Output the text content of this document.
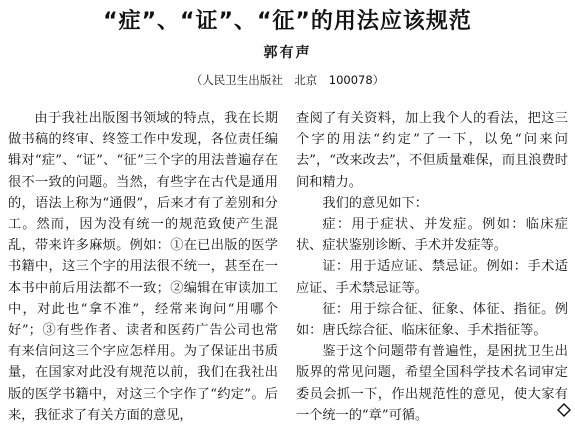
“症”、“证”、“征”的用法应该规范
郭有声
（人民卫生出版社　北京　100078）

由于我社出版图书领域的特点，我在长期做书稿的终审、终签工作中发现，各位责任编辑对“症”、“证”、“征”三个字的用法普遍存在很不一致的问题。当然，有些字在古代是通用的，语法上称为“通假”，后来才有了差别和分工。然而，因为没有统一的规范致使产生混乱，带来许多麻烦。例如：①在已出版的医学书籍中，这三个字的用法很不统一，甚至在一本书中前后用法都不一致；②编辑在审读加工中，对此也“拿不准”，经常来询问“用哪个好”；③有些作者、读者和医药广告公司也常有来信问这三个字应怎样用。为了保证出书质量，在国家对此没有规范以前，我们在我社出版的医学书籍中，对这三个字作了“约定”。后来，我征求了有关方面的意见，

查阅了有关资料，加上我个人的看法，把这三个字的用法“约定”了一下，以免“问来问去”，“改来改去”，不但质量难保，而且浪费时间和精力。

我们的意见如下：

症：用于症状、并发症。例如：临床症状、症状鉴别诊断、手术并发症等。

证：用于适应证、禁忌证。例如：手术适应证、手术禁忌证等。

征：用于综合征、征象、体征、指征。例如：唐氏综合征、临床征象、手术指征等。

鉴于这个问题带有普遍性，是困扰卫生出版界的常见问题，希望全国科学技术名词审定委员会抓一下，作出规范性的意见，使大家有一个统一的“章”可循。
